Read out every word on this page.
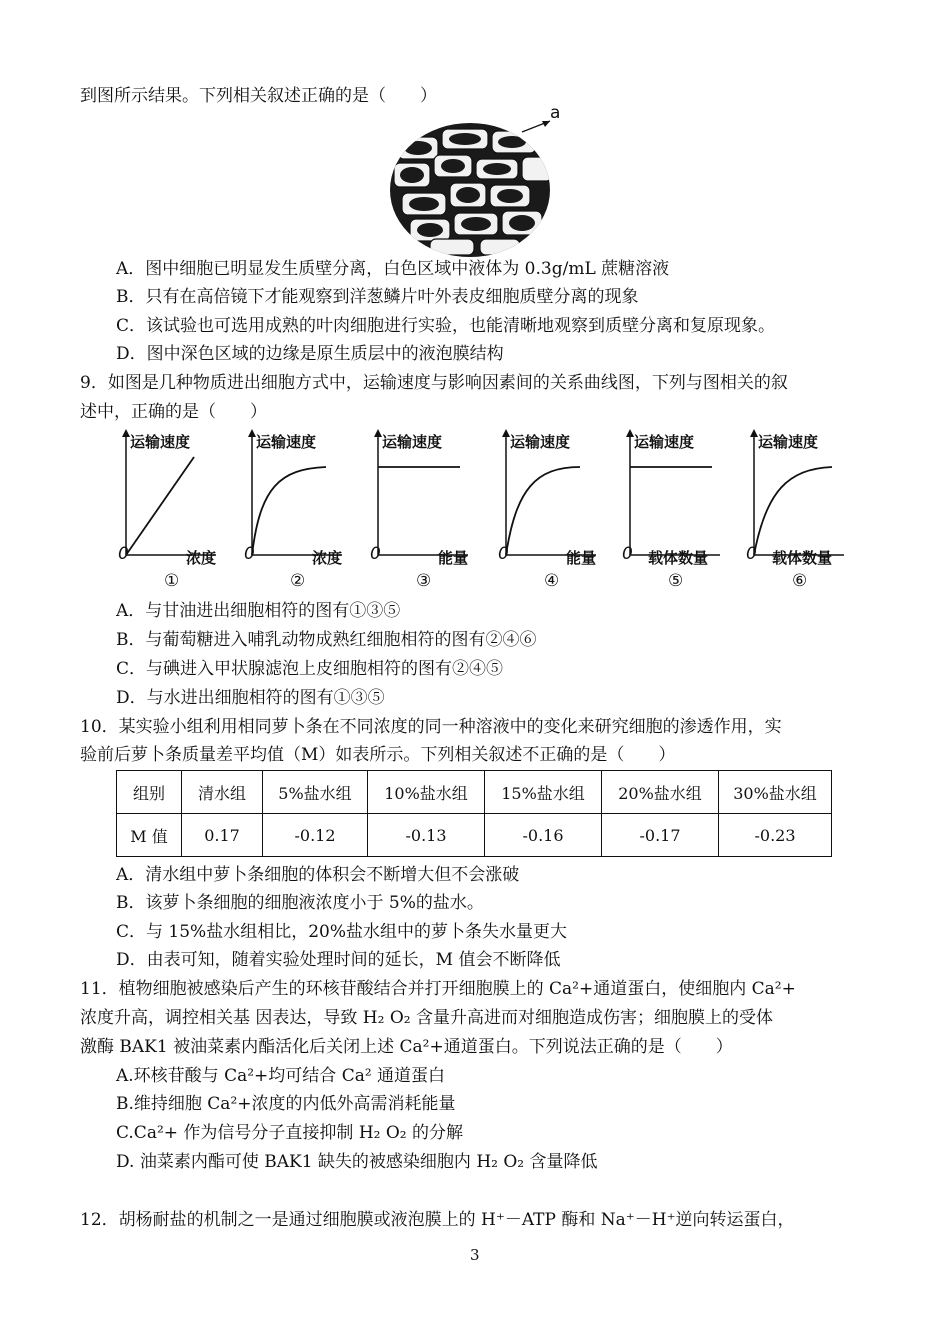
到图所示结果。下列相关叙述正确的是（　　）
a
A．图中细胞已明显发生质壁分离，白色区域中液体为 0.3g/mL 蔗糖溶液
B．只有在高倍镜下才能观察到洋葱鳞片叶外表皮细胞质壁分离的现象
C．该试验也可选用成熟的叶肉细胞进行实验，也能清晰地观察到质壁分离和复原现象。
D．图中深色区域的边缘是原生质层中的液泡膜结构
9．如图是几种物质进出细胞方式中，运输速度与影响因素间的关系曲线图，下列与图相关的叙
述中，正确的是（　　）
运输速度
0	浓度
①
运输速度
0	浓度
②
运输速度
0	能量
③
运输速度
0	能量
④
运输速度
0 载体数量
⑤
运输速度
0 载体数量
⑥
A．与甘油进出细胞相符的图有①③⑤
B．与葡萄糖进入哺乳动物成熟红细胞相符的图有②④⑥
C．与碘进入甲状腺滤泡上皮细胞相符的图有②④⑤
D．与水进出细胞相符的图有①③⑤
10．某实验小组利用相同萝卜条在不同浓度的同一种溶液中的变化来研究细胞的渗透作用，实
验前后萝卜条质量差平均值（M）如表所示。下列相关叙述不正确的是（　　）
组别	清水组	5%盐水组	10%盐水组	15%盐水组	20%盐水组	30%盐水组
M 值	0.17	-0.12	-0.13	-0.16	-0.17	-0.23
A．清水组中萝卜条细胞的体积会不断增大但不会涨破
B．该萝卜条细胞的细胞液浓度小于 5%的盐水。
C．与 15%盐水组相比，20%盐水组中的萝卜条失水量更大
D．由表可知，随着实验处理时间的延长，M 值会不断降低
11．植物细胞被感染后产生的环核苷酸结合并打开细胞膜上的 Ca²+通道蛋白，使细胞内 Ca²+
浓度升高，调控相关基 因表达，导致 H₂ O₂ 含量升高进而对细胞造成伤害；细胞膜上的受体
激酶 BAK1 被油菜素内酯活化后关闭上述 Ca²+通道蛋白。下列说法正确的是（　　）
A.环核苷酸与 Ca²+均可结合 Ca² 通道蛋白
B.维持细胞 Ca²+浓度的内低外高需消耗能量
C.Ca²+ 作为信号分子直接抑制 H₂ O₂ 的分解
D. 油菜素内酯可使 BAK1 缺失的被感染细胞内 H₂ O₂ 含量降低
12．胡杨耐盐的机制之一是通过细胞膜或液泡膜上的 H⁺－ATP 酶和 Na⁺－H⁺逆向转运蛋白，
3
